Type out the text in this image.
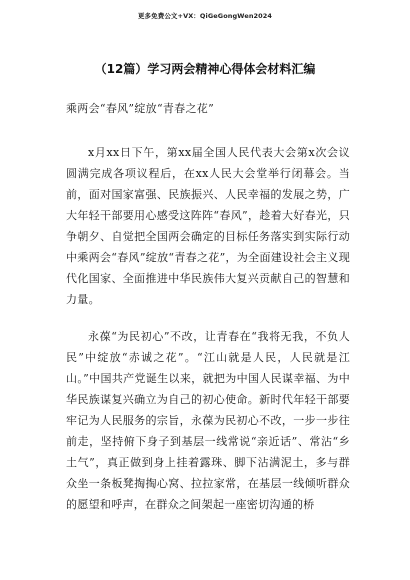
更多免费公文+VX：QiGeGongWen2024
（12篇）学习两会精神心得体会材料汇编
乘两会“春风”绽放“青春之花”
x月xx日下午，第xx届全国人民代表大会第x次会议圆满完成各项议程后，在xx人民大会堂举行闭幕会。当前，面对国家富强、民族振兴、人民幸福的发展之势，广大年轻干部要用心感受这阵阵“春风”，趁着大好春光，只争朝夕、自觉把全国两会确定的目标任务落实到实际行动中乘两会“春风”绽放“青春之花”，为全面建设社会主义现代化国家、全面推进中华民族伟大复兴贡献自己的智慧和力量。
永葆“为民初心”不改，让青春在“我将无我，不负人民”中绽放“赤诚之花”。“江山就是人民，人民就是江山。”中国共产党诞生以来，就把为中国人民谋幸福、为中华民族谋复兴确立为自己的初心使命。新时代年轻干部要牢记为人民服务的宗旨，永葆为民初心不改，一步一步往前走，坚持俯下身子到基层一线常说“亲近话”、常沾“乡土气”，真正做到身上挂着露珠、脚下沾满泥土，多与群众坐一条板凳掏掏心窝、拉拉家常，在基层一线倾听群众的愿望和呼声，在群众之间架起一座密切沟通的桥
